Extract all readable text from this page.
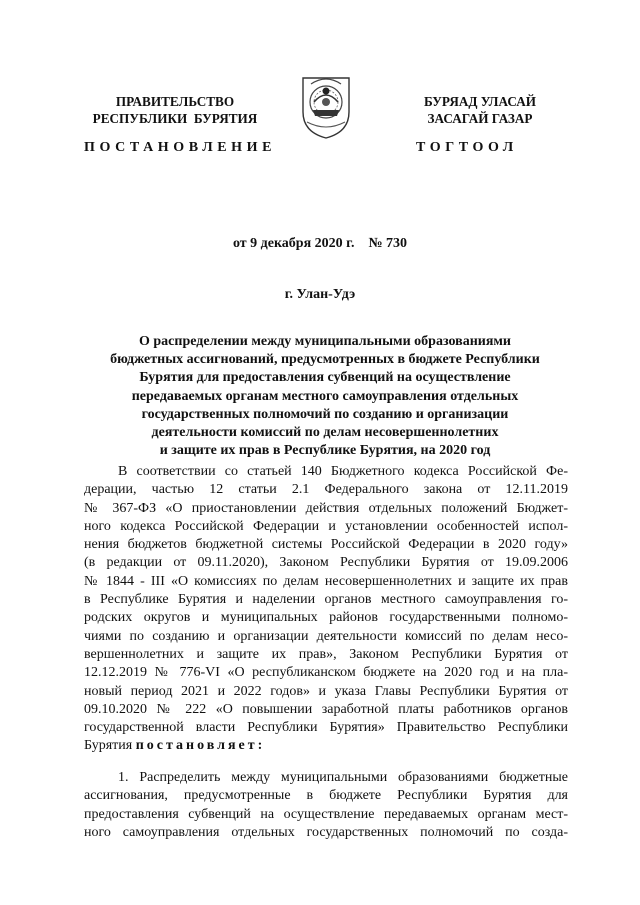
ПРАВИТЕЛЬСТВО
РЕСПУБЛИКИ  БУРЯТИЯ
БУРЯАД УЛАСАЙ
ЗАСАГАЙ ГАЗАР
ПОСТАНОВЛЕНИЕ	ТОГТООЛ
от 9 декабря 2020 г. № 730
г. Улан-Удэ
О распределении между муниципальными образованиями
бюджетных ассигнований, предусмотренных в бюджете Республики
Бурятия для предоставления субвенций на осуществление
передаваемых органам местного самоуправления отдельных
государственных полномочий по созданию и организации
деятельности комиссий по делам несовершеннолетних
и защите их прав в Республике Бурятия, на 2020 год
В соответствии со статьей 140 Бюджетного кодекса Российской Фе-
дерации, частью 12 статьи 2.1 Федерального закона от 12.11.2019
№ 367-ФЗ «О приостановлении действия отдельных положений Бюджет-
ного кодекса Российской Федерации и установлении особенностей испол-
нения бюджетов бюджетной системы Российской Федерации в 2020 году»
(в редакции от 09.11.2020), Законом Республики Бурятия от 19.09.2006
№ 1844 - III «О комиссиях по делам несовершеннолетних и защите их прав
в Республике Бурятия и наделении органов местного самоуправления го-
родских округов и муниципальных районов государственными полномо-
чиями по созданию и организации деятельности комиссий по делам несо-
вершеннолетних и защите их прав», Законом Республики Бурятия от
12.12.2019 № 776-VI «О республиканском бюджете на 2020 год и на пла-
новый период 2021 и 2022 годов» и указа Главы Республики Бурятия от
09.10.2020 № 222 «О повышении заработной платы работников органов
государственной власти Республики Бурятия» Правительство Республики
Бурятия постановляет:
1. Распределить между муниципальными образованиями бюджетные
ассигнования, предусмотренные в бюджете Республики Бурятия для
предоставления субвенций на осуществление передаваемых органам мест-
ного самоуправления отдельных государственных полномочий по созда-
